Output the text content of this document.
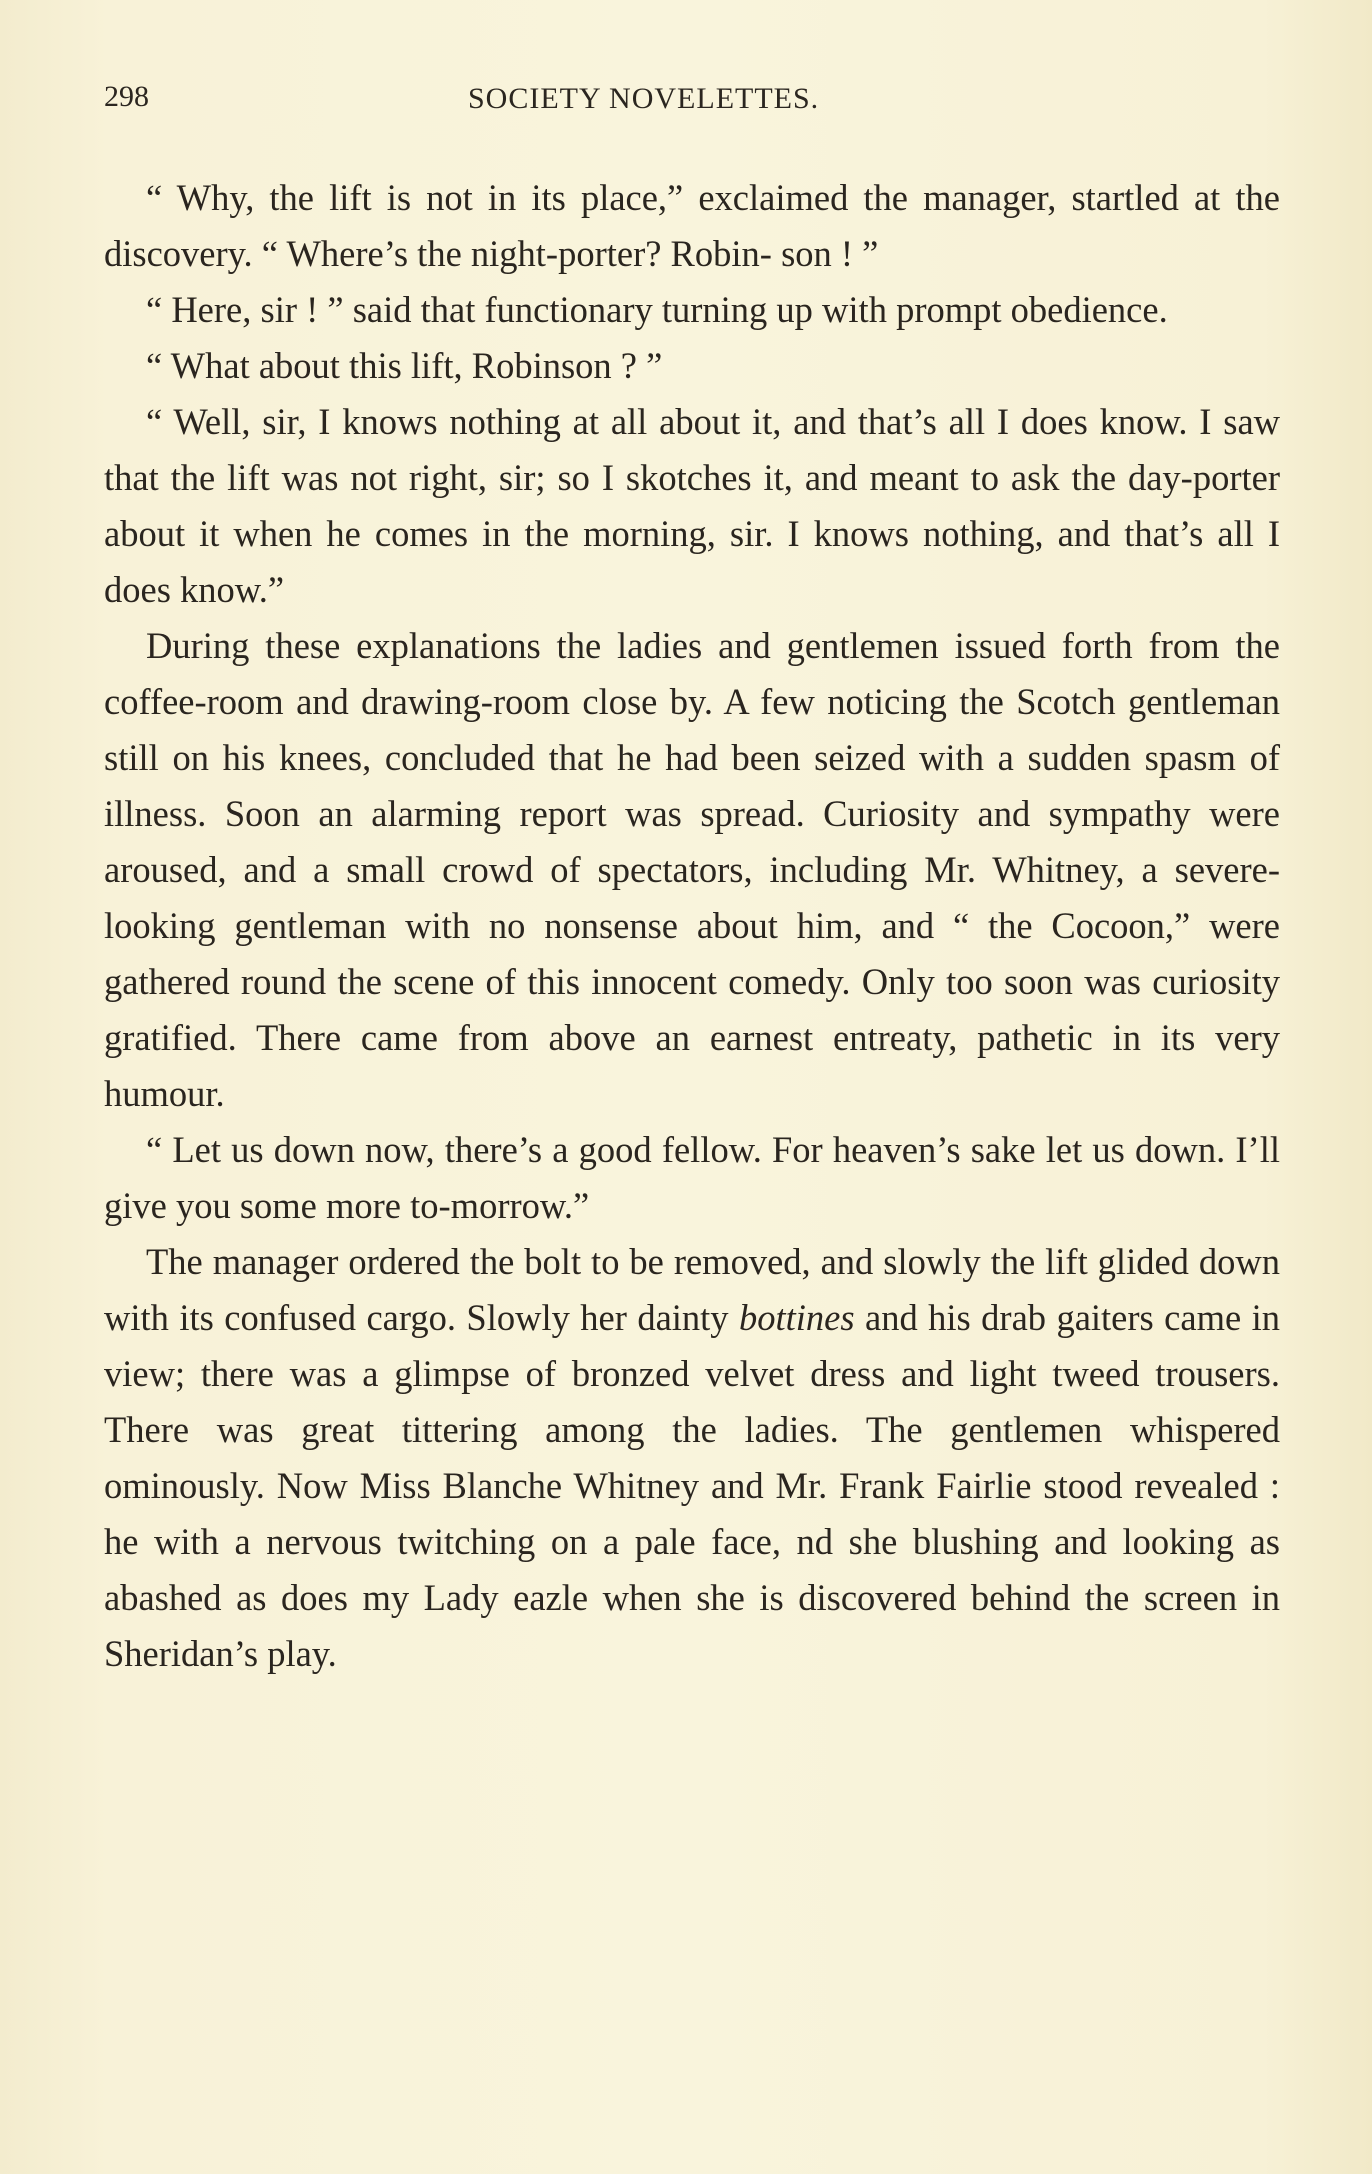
298	SOCIETY NOVELETTES.

“ Why, the lift is not in its place,” exclaimed the manager, startled at the discovery. “ Where’s the night-porter? Robin- son ! ”

“ Here, sir ! ” said that functionary turning up with prompt obedience.

“ What about this lift, Robinson ? ”

“ Well, sir, I knows nothing at all about it, and that’s all I does know. I saw that the lift was not right, sir; so I skotches it, and meant to ask the day-porter about it when he comes in the morning, sir. I knows nothing, and that’s all I does know.”

During these explanations the ladies and gentlemen issued forth from the coffee-room and drawing-room close by. A few noticing the Scotch gentleman still on his knees, concluded that he had been seized with a sudden spasm of illness. Soon an alarming report was spread. Curiosity and sympathy were aroused, and a small crowd of spectators, including Mr. Whitney, a severe-looking gentleman with no nonsense about him, and “ the Cocoon,” were gathered round the scene of this innocent comedy. Only too soon was curiosity gratified. There came from above an earnest entreaty, pathetic in its very humour.

“ Let us down now, there’s a good fellow. For heaven’s sake let us down. I’ll give you some more to-morrow.”

The manager ordered the bolt to be removed, and slowly the lift glided down with its confused cargo. Slowly her dainty bottines and his drab gaiters came in view; there was a glimpse of bronzed velvet dress and light tweed trousers. There was great tittering among the ladies. The gentlemen whispered ominously. Now Miss Blanche Whitney and Mr. Frank Fairlie stood revealed : he with a nervous twitching on a pale face, nd she blushing and looking as abashed as does my Lady eazle when she is discovered behind the screen in Sheridan’s play.
